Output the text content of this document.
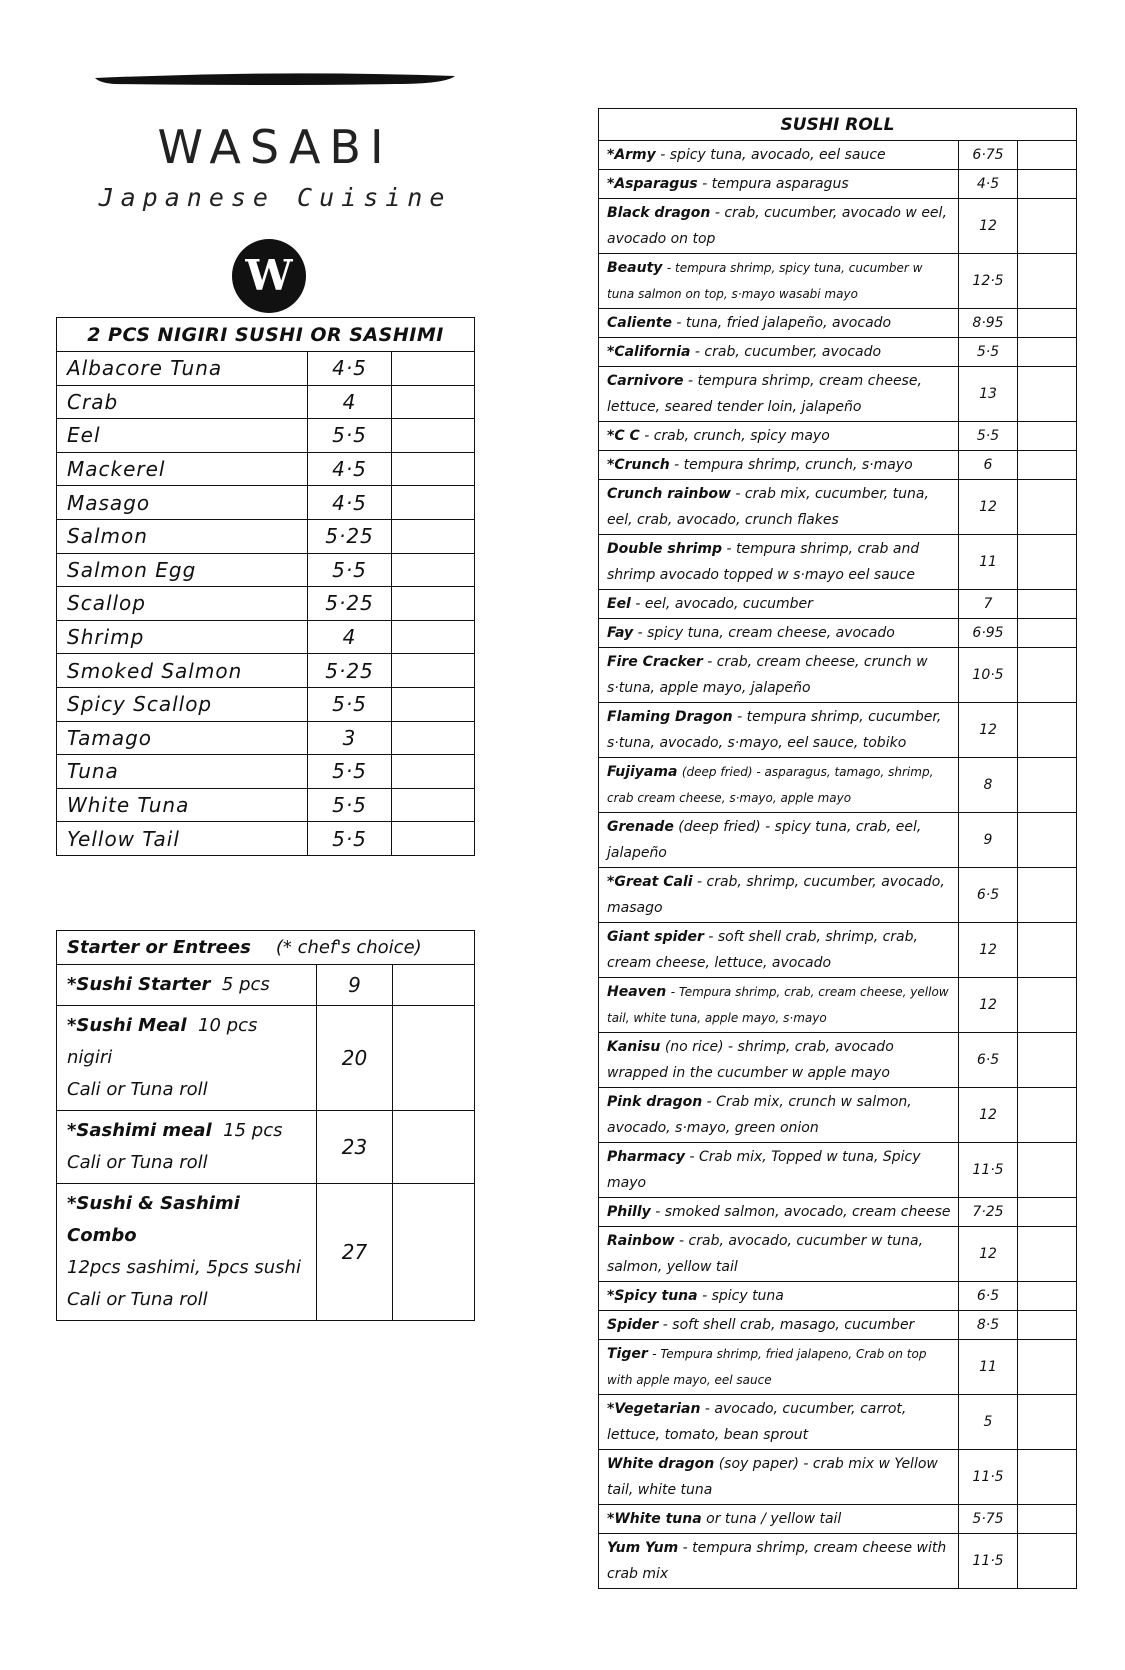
WASABI
Japanese Cuisine
W
2 PCS NIGIRI SUSHI OR SASHIMI		
Albacore Tuna	4·5	
Crab	4	
Eel	5·5	
Mackerel	4·5	
Masago	4·5	
Salmon	5·25	
Salmon Egg	5·5	
Scallop	5·25	
Shrimp	4	
Smoked Salmon	5·25	
Spicy Scallop	5·5	
Tamago	3	
Tuna	5·5	
White Tuna	5·5	
Yellow Tail	5·5	
Starter or Entrees (* chef's choice)		
*Sushi Starter 5 pcs	9	
*Sushi Meal 10 pcs nigiri
Cali or Tuna roll	20	
*Sashimi meal 15 pcs
Cali or Tuna roll	23	
*Sushi & Sashimi Combo
12pcs sashimi, 5pcs sushi
Cali or Tuna roll	27	
SUSHI ROLL		
*Army - spicy tuna, avocado, eel sauce	6·75	
*Asparagus - tempura asparagus	4·5	
Black dragon - crab, cucumber, avocado w eel, avocado on top	12	
Beauty - tempura shrimp, spicy tuna, cucumber w tuna salmon on top, s·mayo wasabi mayo	12·5	
Caliente - tuna, fried jalapeño, avocado	8·95	
*California - crab, cucumber, avocado	5·5	
Carnivore - tempura shrimp, cream cheese, lettuce, seared tender loin, jalapeño	13	
*C C - crab, crunch, spicy mayo	5·5	
*Crunch - tempura shrimp, crunch, s·mayo	6	
Crunch rainbow - crab mix, cucumber, tuna, eel, crab, avocado, crunch flakes	12	
Double shrimp - tempura shrimp, crab and shrimp avocado topped w s·mayo eel sauce	11	
Eel - eel, avocado, cucumber	7	
Fay - spicy tuna, cream cheese, avocado	6·95	
Fire Cracker - crab, cream cheese, crunch w s·tuna, apple mayo, jalapeño	10·5	
Flaming Dragon - tempura shrimp, cucumber, s·tuna, avocado, s·mayo, eel sauce, tobiko	12	
Fujiyama (deep fried) - asparagus, tamago, shrimp, crab cream cheese, s·mayo, apple mayo	8	
Grenade (deep fried) - spicy tuna, crab, eel, jalapeño	9	
*Great Cali - crab, shrimp, cucumber, avocado, masago	6·5	
Giant spider - soft shell crab, shrimp, crab, cream cheese, lettuce, avocado	12	
Heaven - Tempura shrimp, crab, cream cheese, yellow tail, white tuna, apple mayo, s·mayo	12	
Kanisu (no rice) - shrimp, crab, avocado wrapped in the cucumber w apple mayo	6·5	
Pink dragon - Crab mix, crunch w salmon, avocado, s·mayo, green onion	12	
Pharmacy - Crab mix, Topped w tuna, Spicy mayo	11·5	
Philly - smoked salmon, avocado, cream cheese	7·25	
Rainbow - crab, avocado, cucumber w tuna, salmon, yellow tail	12	
*Spicy tuna - spicy tuna	6·5	
Spider - soft shell crab, masago, cucumber	8·5	
Tiger - Tempura shrimp, fried jalapeno, Crab on top with apple mayo, eel sauce	11	
*Vegetarian - avocado, cucumber, carrot, lettuce, tomato, bean sprout	5	
White dragon (soy paper) - crab mix w Yellow tail, white tuna	11·5	
*White tuna or tuna / yellow tail	5·75	
Yum Yum - tempura shrimp, cream cheese with crab mix	11·5	
